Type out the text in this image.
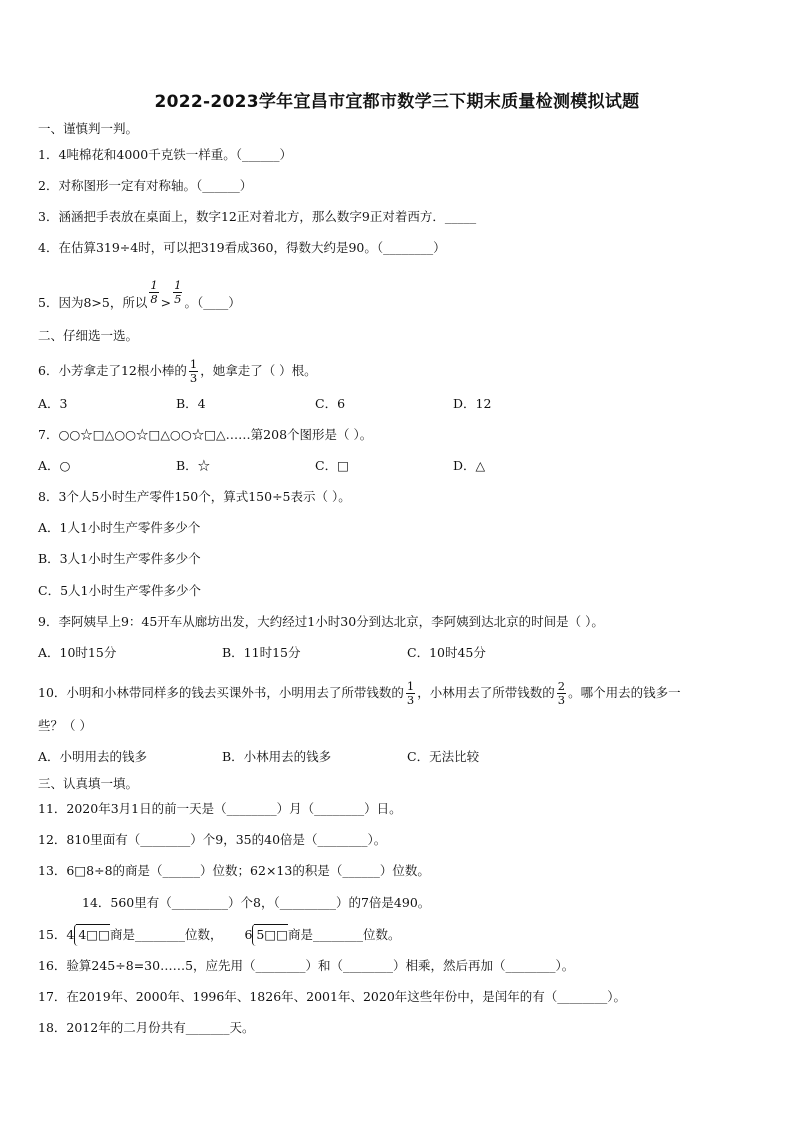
2022-2023学年宜昌市宜都市数学三下期末质量检测模拟试题
一、谨慎判一判。
1．4吨棉花和4000千克铁一样重。（______）
2．对称图形一定有对称轴。（______）
3．涵涵把手表放在桌面上，数字12正对着北方，那么数字9正对着西方．_____
4．在估算319÷4时，可以把319看成360，得数大约是90。（________）
5．因为8>5，所以 $\frac{1}{8} > \frac{1}{5}$ 。（____）
二、仔细选一选。
6．小芳拿走了12根小棒的 $\frac{1}{3}$ ，她拿走了（ ）根。
A．3	B．4	C．6	D．12
7．○○☆□△○○☆□△○○☆□△……第208个图形是（ ）。
A．○	B．☆	C．□	D．△
8．3个人5小时生产零件150个，算式150÷5表示（ ）。
A．1人1小时生产零件多少个
B．3人1小时生产零件多少个
C．5人1小时生产零件多少个
9．李阿姨早上9：45开车从廊坊出发，大约经过1小时30分到达北京，李阿姨到达北京的时间是（ ）。
A．10时15分	B．11时15分	C．10时45分
10．小明和小林带同样多的钱去买课外书，小明用去了所带钱数的 $\frac{1}{3}$ ，小林用去了所带钱数的 $\frac{2}{3}$ 。哪个用去的钱多一
些？（ ）
A．小明用去的钱多	B．小林用去的钱多	C．无法比较
三、认真填一填。
11．2020年3月1日的前一天是（________）月（________）日。
12．810里面有（________）个9，35的40倍是（________）。
13．6□8÷8的商是（______）位数；62×13的积是（______）位数。
14．560里有（_________）个8，（_________）的7倍是490。
15．4 4□□商是________位数， 6 5□□商是________位数。
16．验算245÷8=30……5，应先用（________）和（________）相乘，然后再加（________）。
17．在2019年、2000年、1996年、1826年、2001年、2020年这些年份中，是闰年的有（________）。
18．2012年的二月份共有_______天。
